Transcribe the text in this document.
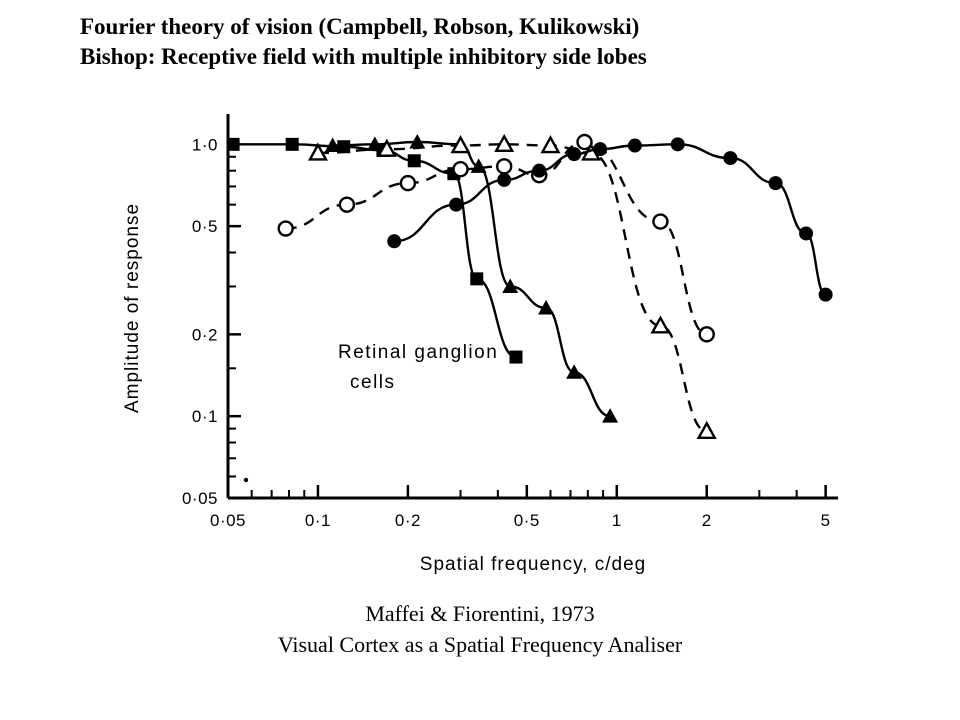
Fourier theory of vision (Campbell, Robson, Kulikowski)
Bishop: Receptive field with multiple inhibitory side lobes
0·05	0·1	0·2	0·5	1	2	5
0·05
0·1
0·2
0·5
1·0
Amplitude of response
Spatial frequency, c/deg
Retinal ganglion
cells
Maffei & Fiorentini, 1973
Visual Cortex as a Spatial Frequency Analiser
